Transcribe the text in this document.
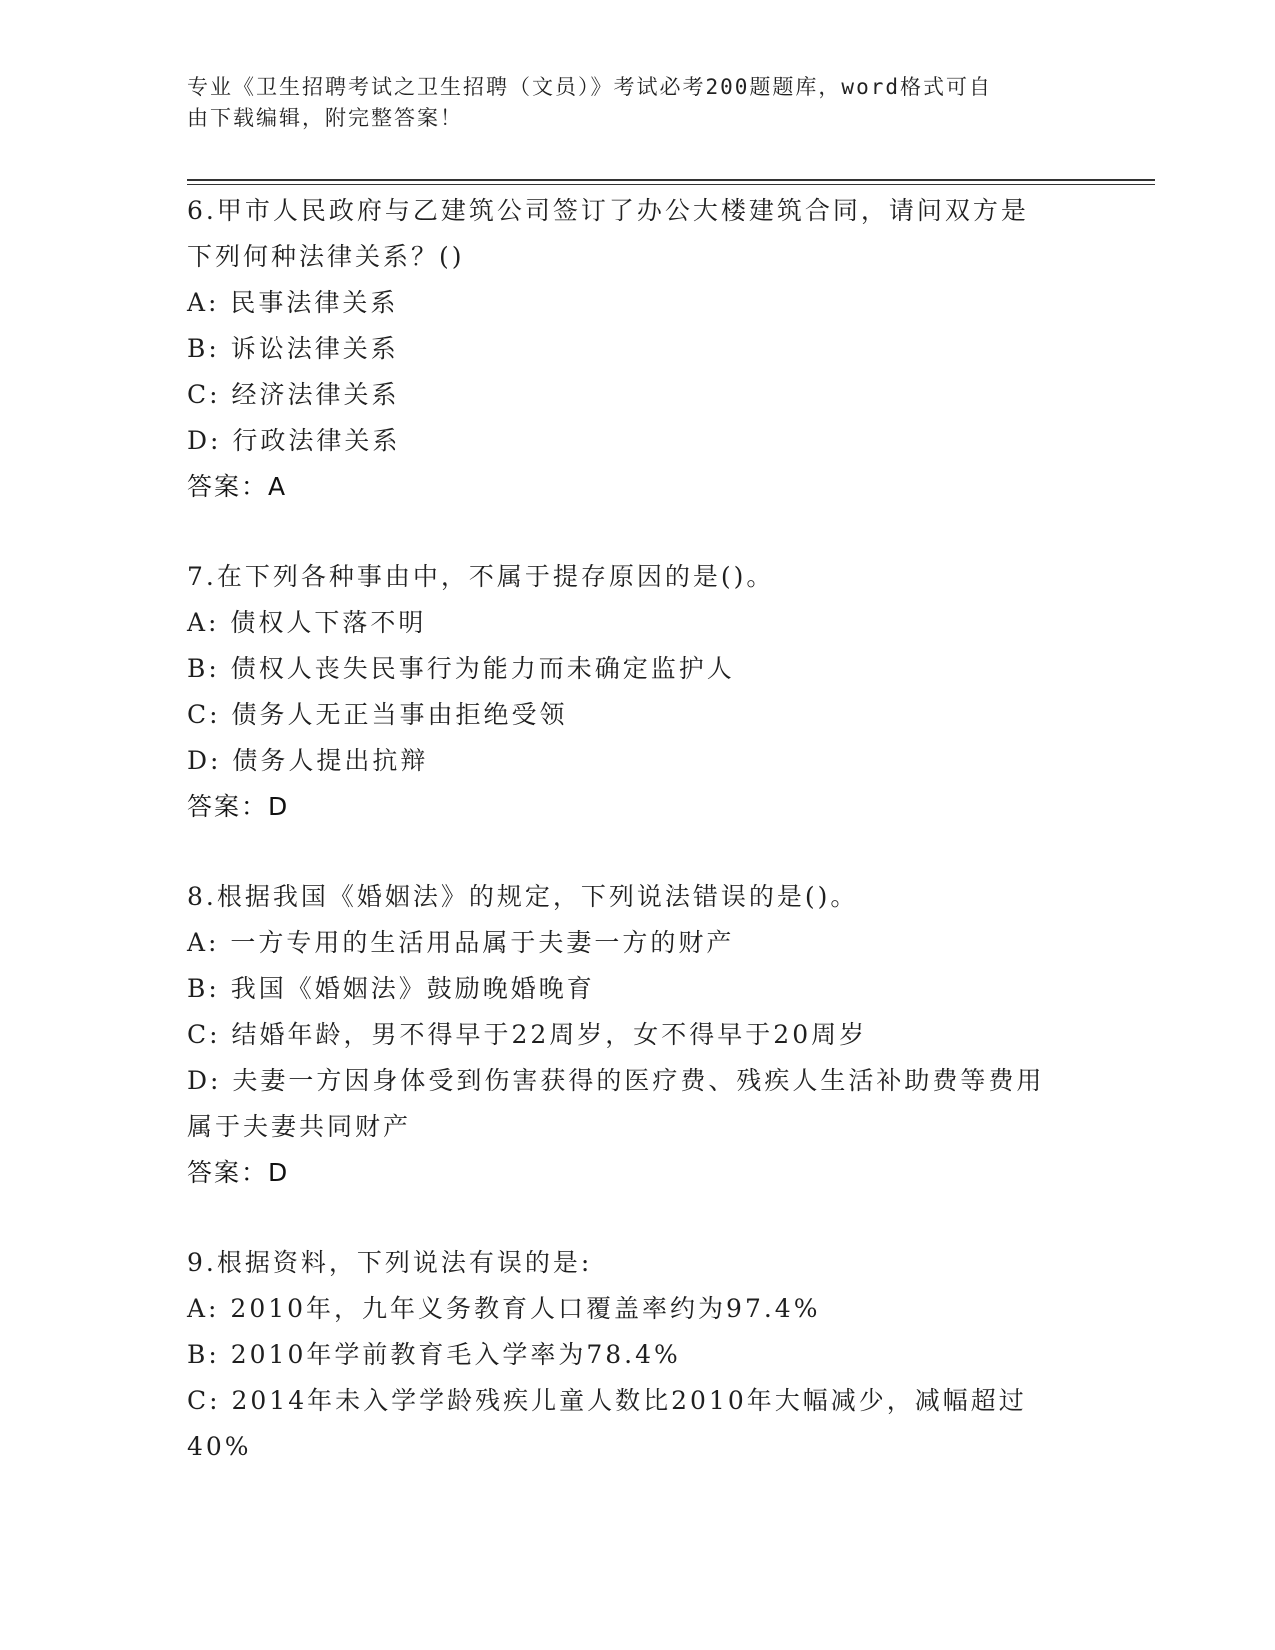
专业《卫生招聘考试之卫生招聘（文员）》考试必考200题题库，word格式可自
由下载编辑，附完整答案！
6.甲市人民政府与乙建筑公司签订了办公大楼建筑合同，请问双方是
下列何种法律关系？()
A: 民事法律关系
B: 诉讼法律关系
C: 经济法律关系
D: 行政法律关系
答案：A
7.在下列各种事由中，不属于提存原因的是()。
A: 债权人下落不明
B: 债权人丧失民事行为能力而未确定监护人
C: 债务人无正当事由拒绝受领
D: 债务人提出抗辩
答案：D
8.根据我国《婚姻法》的规定，下列说法错误的是()。
A: 一方专用的生活用品属于夫妻一方的财产
B: 我国《婚姻法》鼓励晚婚晚育
C: 结婚年龄，男不得早于22周岁，女不得早于20周岁
D: 夫妻一方因身体受到伤害获得的医疗费、残疾人生活补助费等费用
属于夫妻共同财产
答案：D
9.根据资料，下列说法有误的是:
A: 2010年，九年义务教育人口覆盖率约为97.4%
B: 2010年学前教育毛入学率为78.4%
C: 2014年未入学学龄残疾儿童人数比2010年大幅减少，减幅超过
40%
